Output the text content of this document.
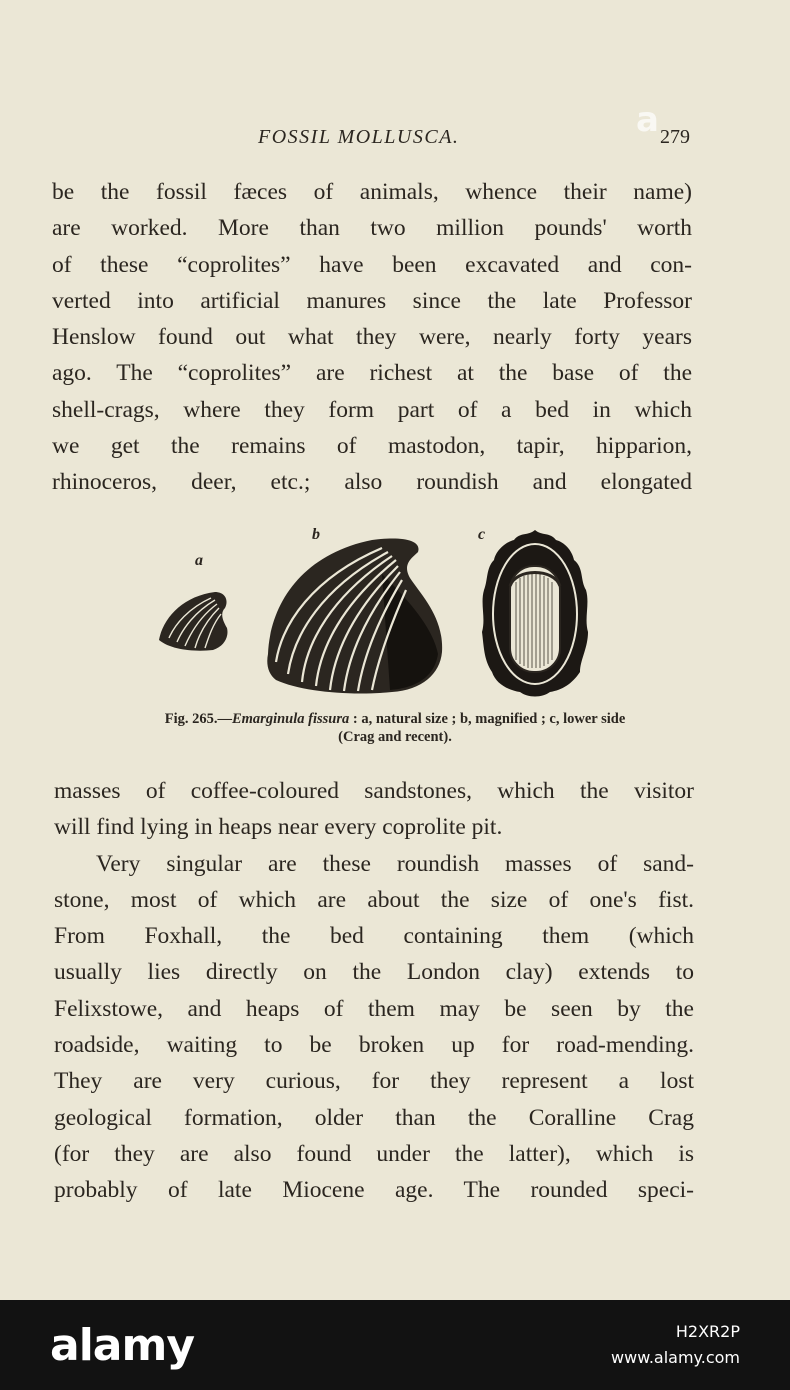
FOSSIL MOLLUSCA.	279
be the fossil fæces of animals, whence their name)
are worked. More than two million pounds' worth
of these “coprolites” have been excavated and con-
verted into artificial manures since the late Professor
Henslow found out what they were, nearly forty years
ago. The “coprolites” are richest at the base of the
shell-crags, where they form part of a bed in which
we get the remains of mastodon, tapir, hipparion,
rhinoceros, deer, etc.; also roundish and elongated
a
b	c
Fig. 265.—Emarginula fissura : a, natural size ; b, magnified ; c, lower side
(Crag and recent).
masses of coffee-coloured sandstones, which the visitor
will find lying in heaps near every coprolite pit.
Very singular are these roundish masses of sand-
stone, most of which are about the size of one's fist.
From Foxhall, the bed containing them (which
usually lies directly on the London clay) extends to
Felixstowe, and heaps of them may be seen by the
roadside, waiting to be broken up for road-mending.
They are very curious, for they represent a lost
geological formation, older than the Coralline Crag
(for they are also found under the latter), which is
probably of late Miocene age. The rounded speci-
a
alamy	H2XR2P
www.alamy.com
